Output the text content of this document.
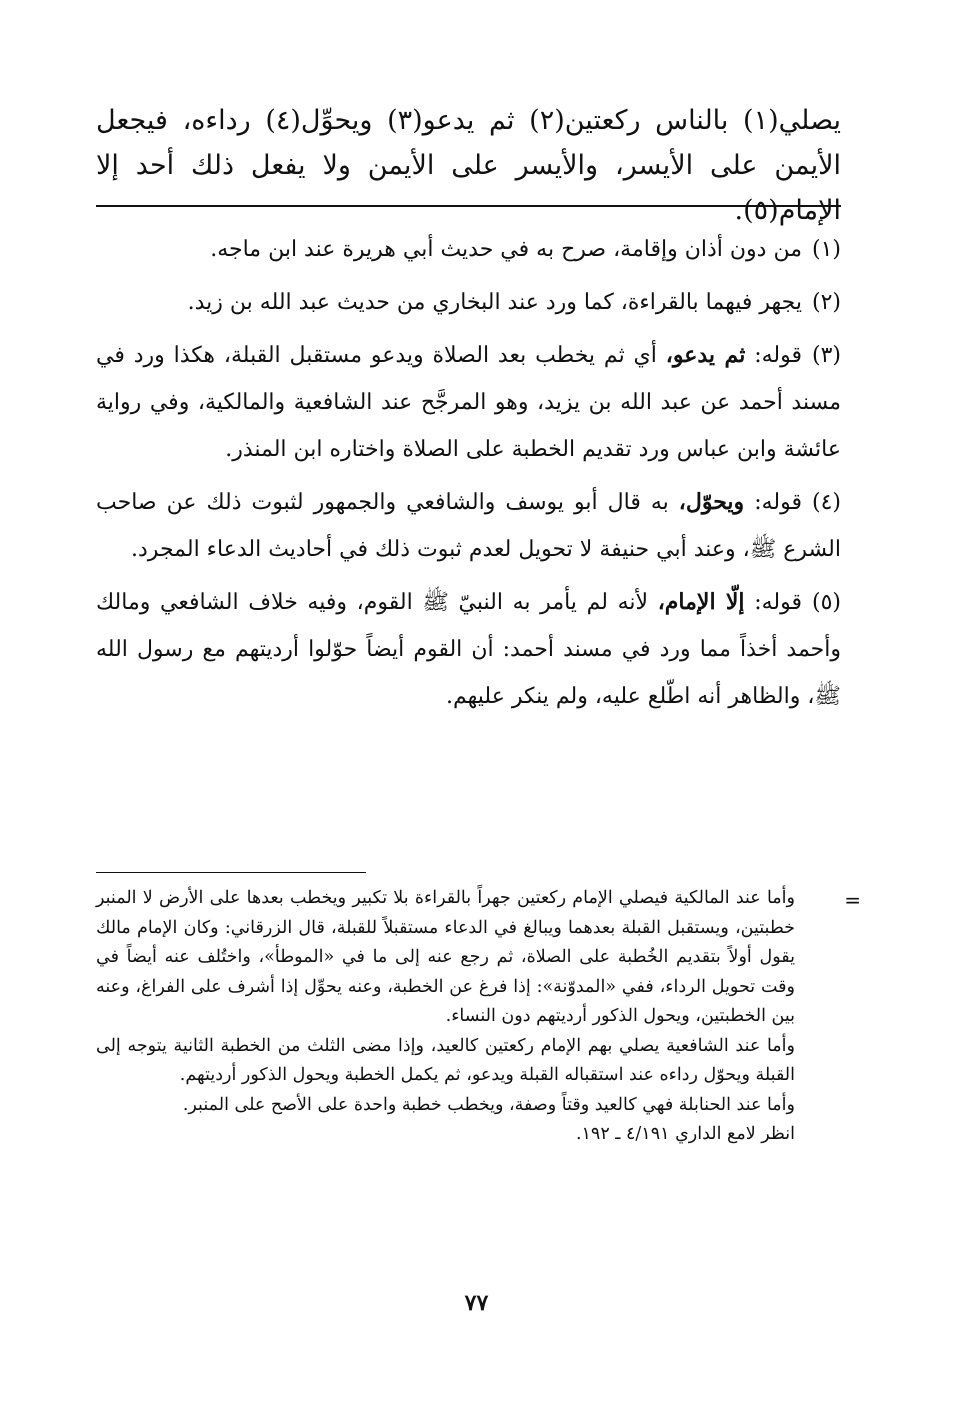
يصلي(١) بالناس ركعتين(٢) ثم يدعو(٣) ويحوِّل(٤) رداءه، فيجعل الأيمن على الأيسر، والأيسر على الأيمن ولا يفعل ذلك أحد إلا الإمام(٥).

(١)من دون أذان وإقامة، صرح به في حديث أبي هريرة عند ابن ماجه.

(٢)يجهر فيهما بالقراءة، كما ورد عند البخاري من حديث عبد الله بن زيد.

(٣)قوله: ثم يدعو، أي ثم يخطب بعد الصلاة ويدعو مستقبل القبلة، هكذا ورد في مسند أحمد عن عبد الله بن يزيد، وهو المرجَّح عند الشافعية والمالكية، وفي رواية عائشة وابن عباس ورد تقديم الخطبة على الصلاة واختاره ابن المنذر.

(٤)قوله: ويحوّل، به قال أبو يوسف والشافعي والجمهور لثبوت ذلك عن صاحب الشرع ﷺ، وعند أبي حنيفة لا تحويل لعدم ثبوت ذلك في أحاديث الدعاء المجرد.

(٥)قوله: إلّا الإمام، لأنه لم يأمر به النبيّ ﷺ القوم، وفيه خلاف الشافعي ومالك وأحمد أخذاً مما ورد في مسند أحمد: أن القوم أيضاً حوّلوا أرديتهم مع رسول الله ﷺ، والظاهر أنه اطّلع عليه، ولم ينكر عليهم.

=

وأما عند المالكية فيصلي الإمام ركعتين جهراً بالقراءة بلا تكبير ويخطب بعدها على الأرض لا المنبر خطبتين، ويستقبل القبلة بعدهما ويبالغ في الدعاء مستقبلاً للقبلة، قال الزرقاني: وكان الإمام مالك يقول أولاً بتقديم الخُطبة على الصلاة، ثم رجع عنه إلى ما في «الموطأ»، واختُلف عنه أيضاً في وقت تحويل الرداء، ففي «المدوّنة»: إذا فرغ عن الخطبة، وعنه يحوِّل إذا أشرف على الفراغ، وعنه بين الخطبتين، ويحول الذكور أرديتهم دون النساء.

وأما عند الشافعية يصلي بهم الإمام ركعتين كالعيد، وإذا مضى الثلث من الخطبة الثانية يتوجه إلى القبلة ويحوّل رداءه عند استقباله القبلة ويدعو، ثم يكمل الخطبة ويحول الذكور أرديتهم.

وأما عند الحنابلة فهي كالعيد وقتاً وصفة، ويخطب خطبة واحدة على الأصح على المنبر.

انظر لامع الداري ٤/١٩١ ـ ١٩٢.

٧٧
